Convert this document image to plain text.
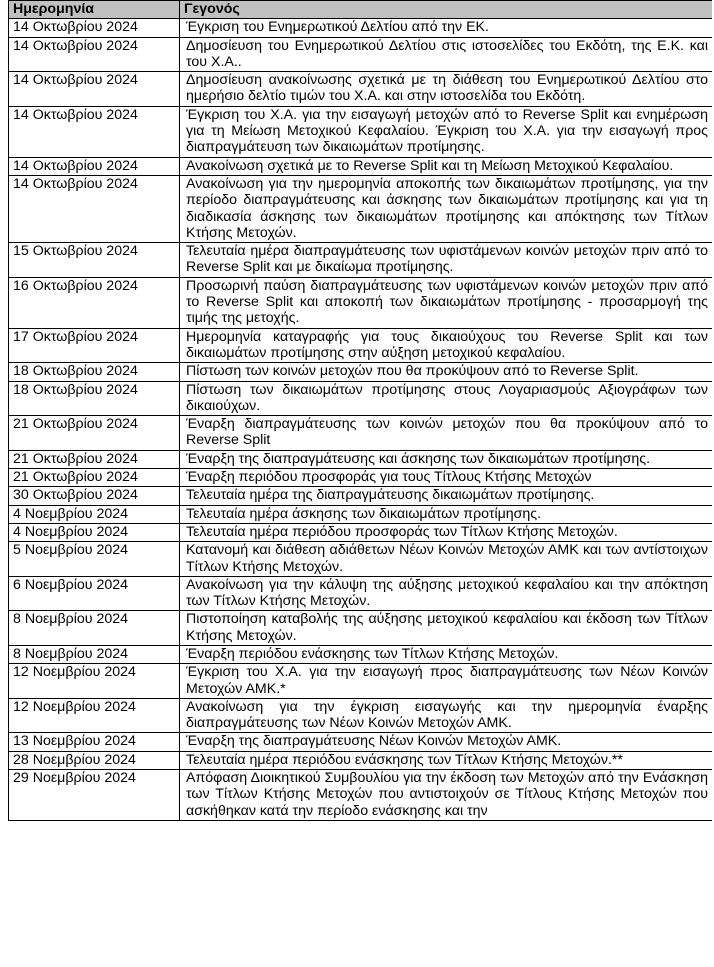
Ημερομηνία	Γεγονός
14 Οκτωβρίου 2024	Έγκριση του Ενημερωτικού Δελτίου από την ΕΚ.
14 Οκτωβρίου 2024	Δημοσίευση του Ενημερωτικού Δελτίου στις ιστοσελίδες του Εκδότη, της Ε.Κ. και του Χ.Α..
14 Οκτωβρίου 2024	Δημοσίευση ανακοίνωσης σχετικά με τη διάθεση του Ενημερωτικού Δελτίου στο ημερήσιο δελτίο τιμών του Χ.Α. και στην ιστοσελίδα του Εκδότη.
14 Οκτωβρίου 2024	Έγκριση του Χ.Α. για την εισαγωγή μετοχών από το Reverse Split και ενημέρωση για τη Μείωση Μετοχικού Κεφαλαίου. Έγκριση του Χ.Α. για την εισαγωγή προς διαπραγμάτευση των δικαιωμάτων προτίμησης.
14 Οκτωβρίου 2024	Ανακοίνωση σχετικά με το Reverse Split και τη Μείωση Μετοχικού Κεφαλαίου.
14 Οκτωβρίου 2024	Ανακοίνωση για την ημερομηνία αποκοπής των δικαιωμάτων προτίμησης, για την περίοδο διαπραγμάτευσης και άσκησης των δικαιωμάτων προτίμησης και για τη διαδικασία άσκησης των δικαιωμάτων προτίμησης και απόκτησης των Τίτλων Κτήσης Μετοχών.
15 Οκτωβρίου 2024	Τελευταία ημέρα διαπραγμάτευσης των υφιστάμενων κοινών μετοχών πριν από το Reverse Split και με δικαίωμα προτίμησης.
16 Οκτωβρίου 2024	Προσωρινή παύση διαπραγμάτευσης των υφιστάμενων κοινών μετοχών πριν από το Reverse Split και αποκοπή των δικαιωμάτων προτίμησης - προσαρμογή της τιμής της μετοχής.
17 Οκτωβρίου 2024	Ημερομηνία καταγραφής για τους δικαιούχους του Reverse Split και των δικαιωμάτων προτίμησης στην αύξηση μετοχικού κεφαλαίου.
18 Οκτωβρίου 2024	Πίστωση των κοινών μετοχών που θα προκύψουν από το Reverse Split.
18 Οκτωβρίου 2024	Πίστωση των δικαιωμάτων προτίμησης στους Λογαριασμούς Αξιογράφων των δικαιούχων.
21 Οκτωβρίου 2024	Έναρξη διαπραγμάτευσης των κοινών μετοχών που θα προκύψουν από το Reverse Split
21 Οκτωβρίου 2024	Έναρξη της διαπραγμάτευσης και άσκησης των δικαιωμάτων προτίμησης.
21 Οκτωβρίου 2024	Έναρξη περιόδου προσφοράς για τους Τίτλους Κτήσης Μετοχών
30 Οκτωβρίου 2024	Τελευταία ημέρα της διαπραγμάτευσης δικαιωμάτων προτίμησης.
4 Νοεμβρίου 2024	Τελευταία ημέρα άσκησης των δικαιωμάτων προτίμησης.
4 Νοεμβρίου 2024	Τελευταία ημέρα περιόδου προσφοράς των Τίτλων Κτήσης Μετοχών.
5 Νοεμβρίου 2024	Κατανομή και διάθεση αδιάθετων Νέων Κοινών Μετοχών ΑΜΚ και των αντίστοιχων Τίτλων Κτήσης Μετοχών.
6 Νοεμβρίου 2024	Ανακοίνωση για την κάλυψη της αύξησης μετοχικού κεφαλαίου και την απόκτηση των Τίτλων Κτήσης Μετοχών.
8 Νοεμβρίου 2024	Πιστοποίηση καταβολής της αύξησης μετοχικού κεφαλαίου και έκδοση των Τίτλων Κτήσης Μετοχών.
8 Νοεμβρίου 2024	Έναρξη περιόδου ενάσκησης των Τίτλων Κτήσης Μετοχών.
12 Νοεμβρίου 2024	Έγκριση του Χ.Α. για την εισαγωγή προς διαπραγμάτευσης των Νέων Κοινών Μετοχών ΑΜΚ.*
12 Νοεμβρίου 2024	Ανακοίνωση για την έγκριση εισαγωγής και την ημερομηνία έναρξης διαπραγμάτευσης των Νέων Κοινών Μετοχών ΑΜΚ.
13 Νοεμβρίου 2024	Έναρξη της διαπραγμάτευσης Νέων Κοινών Μετοχών ΑΜΚ.
28 Νοεμβρίου 2024	Τελευταία ημέρα περιόδου ενάσκησης των Τίτλων Κτήσης Μετοχών.**
29 Νοεμβρίου 2024	Απόφαση Διοικητικού Συμβουλίου για την έκδοση των Μετοχών από την Ενάσκηση των Τίτλων Κτήσης Μετοχών που αντιστοιχούν σε Τίτλους Κτήσης Μετοχών που ασκήθηκαν κατά την περίοδο ενάσκησης και την
